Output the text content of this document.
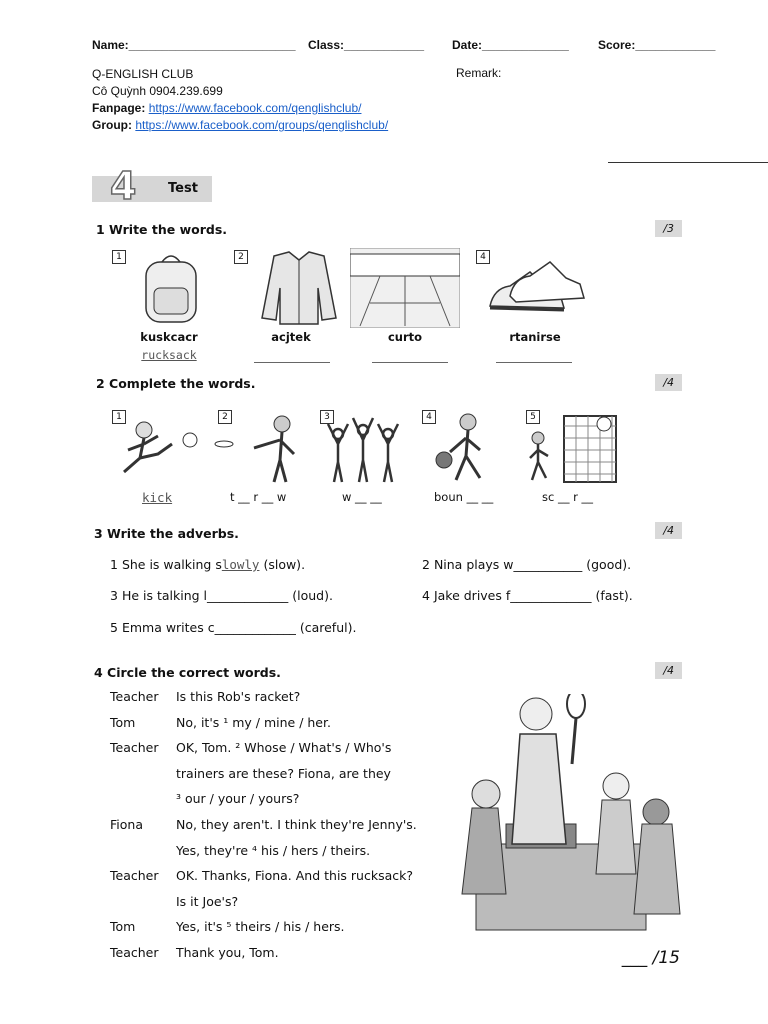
Name:_________________________ Class:____________ Date:_____________ Score:____________
Q-ENGLISH CLUB
Cô Quỳnh 0904.239.699
Fanpage: https://www.facebook.com/qenglishclub/
Group: https://www.facebook.com/groups/qenglishclub/
Remark:
4 Test
1 Write the words.	/3
1
kuskcacr
rucksack
2
acjtek	curto
4
rtanirse
2 Complete the words.	/4
1
kick
2
t __ r __ w
3
w __ __
4
boun __ __
5
sc __ r __
3 Write the adverbs.	/4
1 She is walking slowly (slow).	2 Nina plays w___________ (good).
3 He is talking l_____________ (loud).	4 Jake drives f_____________ (fast).
5 Emma writes c_____________ (careful).
4 Circle the correct words.	/4
Teacher Is this Rob's racket?
Tom	No, it's ¹ my / mine / her.
Teacher OK, Tom. ² Whose / What's / Who's
trainers are these? Fiona, are they
³ our / your / yours?
Fiona	No, they aren't. I think they're Jenny's.
Yes, they're ⁴ his / hers / theirs.
Teacher OK. Thanks, Fiona. And this rucksack?
Is it Joe's?
Tom	Yes, it's ⁵ theirs / his / hers.
Teacher Thank you, Tom.	___ /15
